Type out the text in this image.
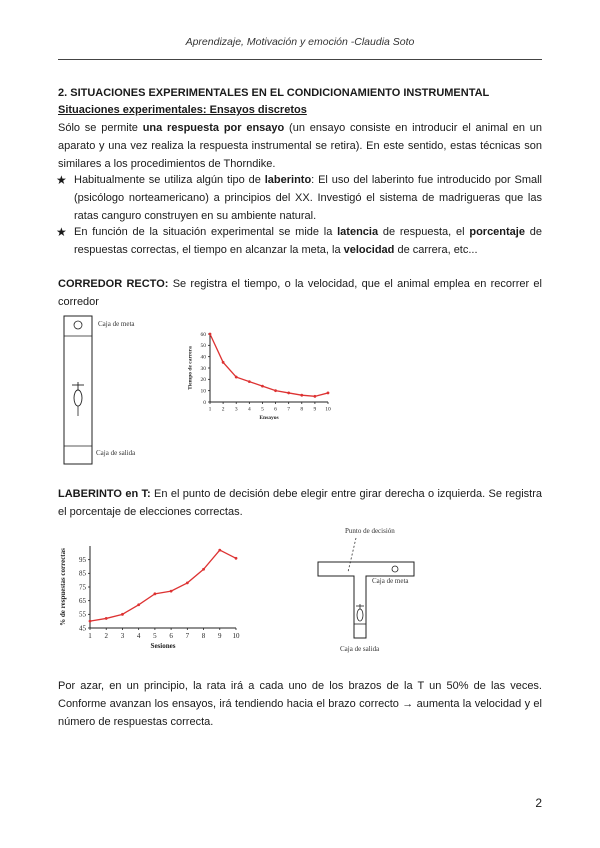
Aprendizaje, Motivación y emoción -Claudia Soto
2. SITUACIONES EXPERIMENTALES EN EL CONDICIONAMIENTO INSTRUMENTAL
Situaciones experimentales: Ensayos discretos
Sólo se permite una respuesta por ensayo (un ensayo consiste en introducir el animal en un aparato y una vez realiza la respuesta instrumental se retira). En este sentido, estas técnicas son similares a los procedimientos de Thorndike.
★ Habitualmente se utiliza algún tipo de laberinto: El uso del laberinto fue introducido por Small (psicólogo norteamericano) a principios del XX. Investigó el sistema de madrigueras que las ratas canguro construyen en su ambiente natural.
★ En función de la situación experimental se mide la latencia de respuesta, el porcentaje de respuestas correctas, el tiempo en alcanzar la meta, la velocidad de carrera, etc...
CORREDOR RECTO: Se registra el tiempo, o la velocidad, que el animal emplea en recorrer el corredor
Caja de meta
Caja de salida
0
10
20
30
40
50
60
1 2 3 4 5 6 7 8 9 10
Ensayos
Tiempo de carrera
LABERINTO en T: En el punto de decisión debe elegir entre girar derecha o izquierda. Se registra el porcentaje de elecciones correctas.
45
55
65
75
85
95
1 2 3 4 5 6 7 8 9 10
Sesiones
% de respuestas correctas
Punto de decisión
Caja de meta
Caja de salida
Por azar, en un principio, la rata irá a cada uno de los brazos de la T un 50% de las veces. Conforme avanzan los ensayos, irá tendiendo hacia el brazo correcto → aumenta la velocidad y el número de respuestas correcta.
2
